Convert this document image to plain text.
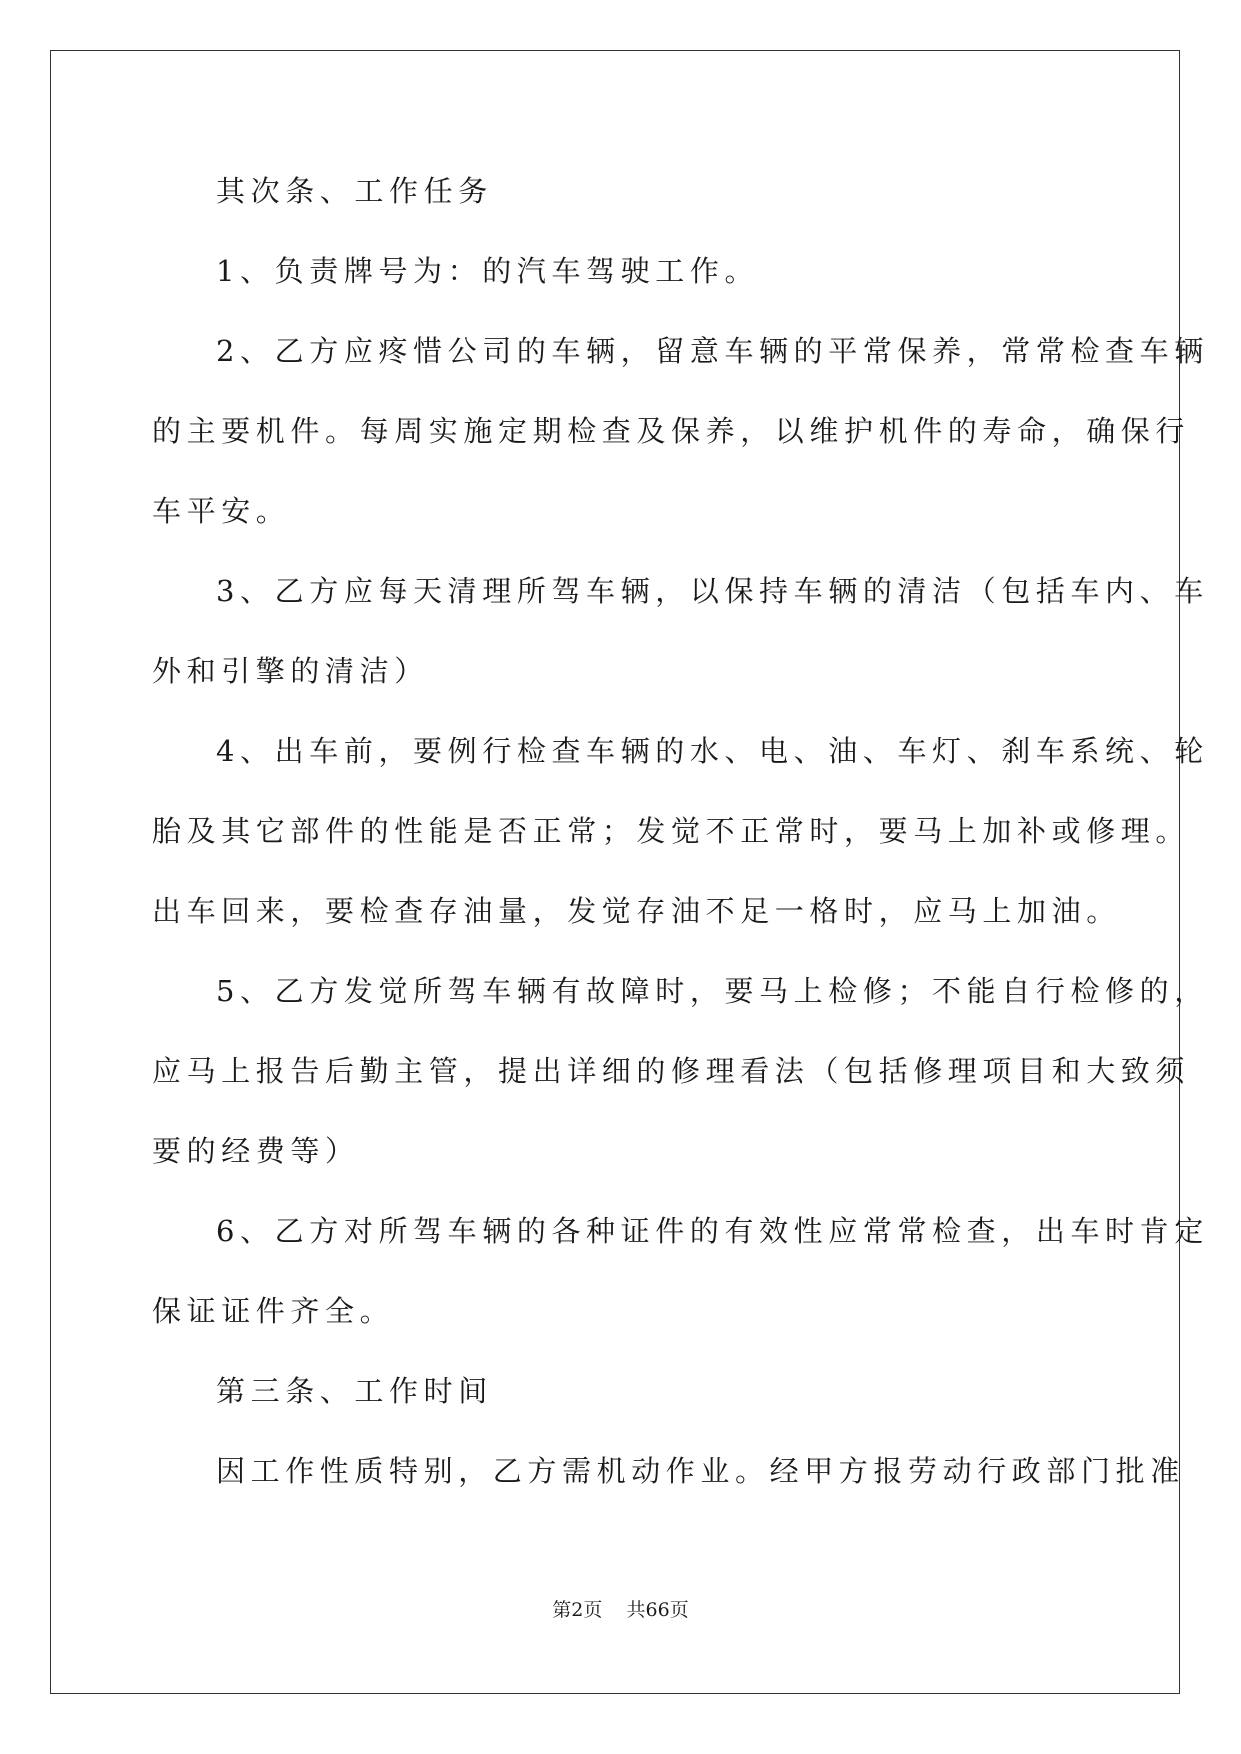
其次条、工作任务
1、负责牌号为：的汽车驾驶工作。
2、乙方应疼惜公司的车辆，留意车辆的平常保养，常常检查车辆
的主要机件。每周实施定期检查及保养，以维护机件的寿命，确保行
车平安。
3、乙方应每天清理所驾车辆，以保持车辆的清洁（包括车内、车
外和引擎的清洁）
4、出车前，要例行检查车辆的水、电、油、车灯、刹车系统、轮
胎及其它部件的性能是否正常；发觉不正常时，要马上加补或修理。
出车回来，要检查存油量，发觉存油不足一格时，应马上加油。
5、乙方发觉所驾车辆有故障时，要马上检修；不能自行检修的，
应马上报告后勤主管，提出详细的修理看法（包括修理项目和大致须
要的经费等）
6、乙方对所驾车辆的各种证件的有效性应常常检查，出车时肯定
保证证件齐全。
第三条、工作时间
因工作性质特别，乙方需机动作业。经甲方报劳动行政部门批准
第2页    共66页
